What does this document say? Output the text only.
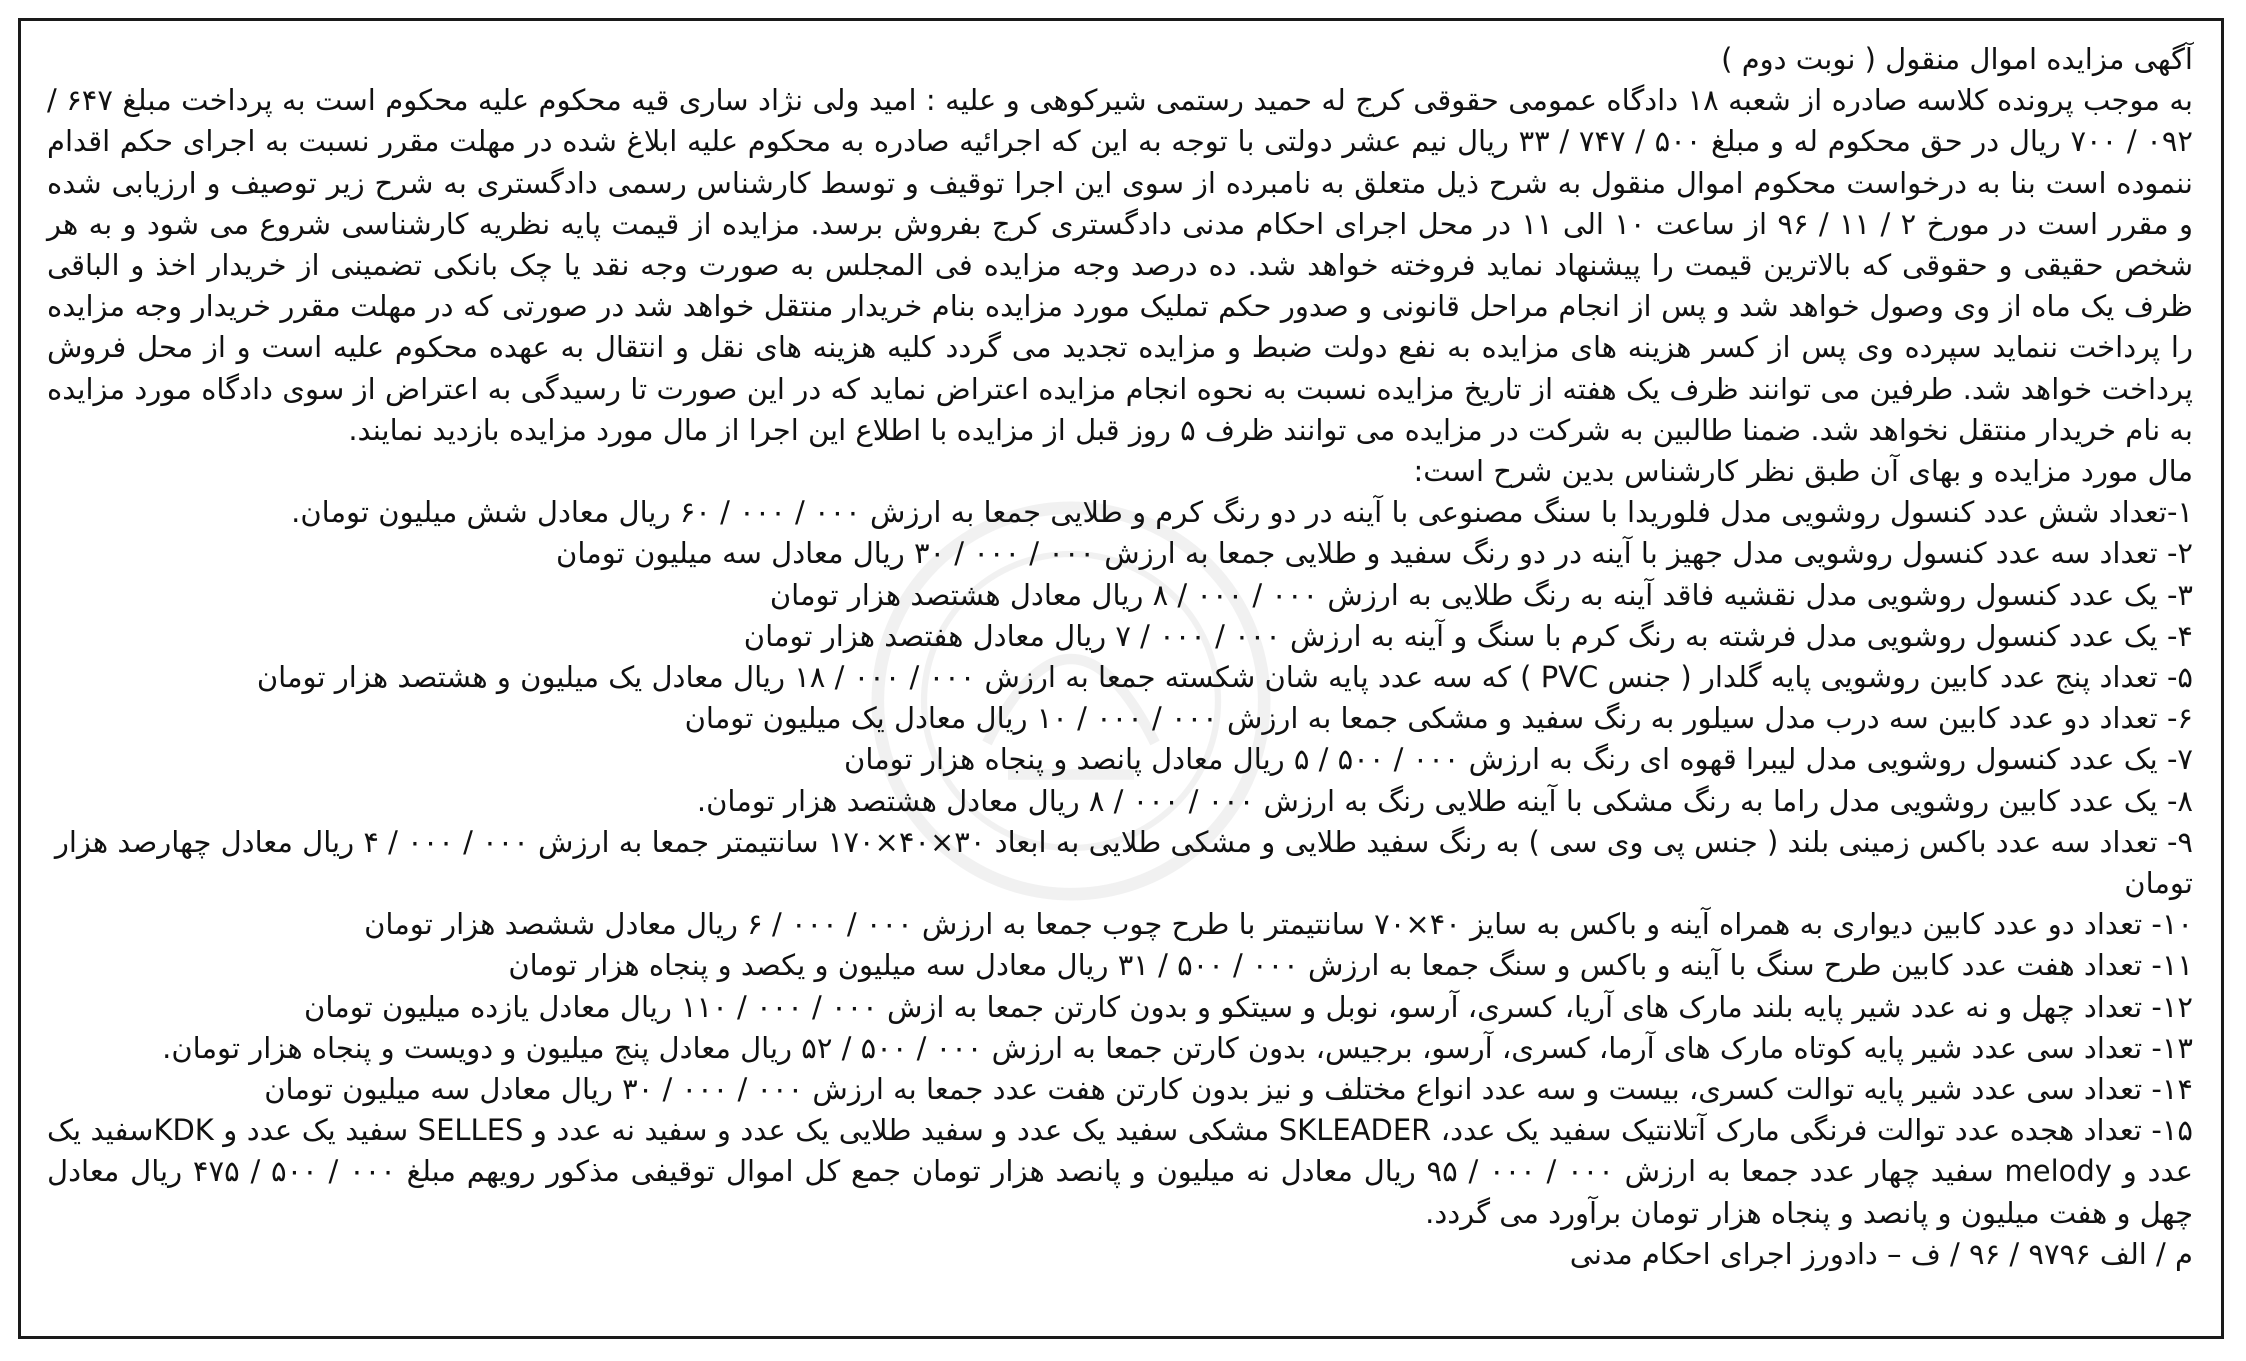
آگهی مزایده اموال منقول ( نوبت دوم )

به موجب پرونده کلاسه صادره از شعبه ۱۸ دادگاه عمومی حقوقی کرج له حمید رستمی شیرکوهی و علیه : امید ولی نژاد ساری قیه محکوم علیه محکوم است به پرداخت مبلغ ۶۴۷ / ۰۹۲ / ۷۰۰ ریال در حق محکوم له و مبلغ ۵۰۰ / ۷۴۷ / ۳۳ ریال نیم عشر دولتی با توجه به این که اجرائیه صادره به محکوم علیه ابلاغ شده در مهلت مقرر نسبت به اجرای حکم اقدام ننموده است بنا به درخواست محکوم اموال منقول به شرح ذیل متعلق به نامبرده از سوی این اجرا توقیف و توسط کارشناس رسمی دادگستری به شرح زیر توصیف و ارزیابی شده و مقرر است در مورخ ۲ / ۱۱ / ۹۶ از ساعت ۱۰ الی ۱۱ در محل اجرای احکام مدنی دادگستری کرج بفروش برسد. مزایده از قیمت پایه نظریه کارشناسی شروع می شود و به هر شخص حقیقی و حقوقی که بالاترین قیمت را پیشنهاد نماید فروخته خواهد شد. ده درصد وجه مزایده فی المجلس به صورت وجه نقد یا چک بانکی تضمینی از خریدار اخذ و الباقی ظرف یک ماه از وی وصول خواهد شد و پس از انجام مراحل قانونی و صدور حکم تملیک مورد مزایده بنام خریدار منتقل خواهد شد در صورتی که در مهلت مقرر خریدار وجه مزایده را پرداخت ننماید سپرده وی پس از کسر هزینه های مزایده به نفع دولت ضبط و مزایده تجدید می گردد کلیه هزینه های نقل و انتقال به عهده محکوم علیه است و از محل فروش پرداخت خواهد شد. طرفین می توانند ظرف یک هفته از تاریخ مزایده نسبت به نحوه انجام مزایده اعتراض نماید که در این صورت تا رسیدگی به اعتراض از سوی دادگاه مورد مزایده به نام خریدار منتقل نخواهد شد. ضمنا طالبین به شرکت در مزایده می توانند ظرف ۵ روز قبل از مزایده با اطلاع این اجرا از مال مورد مزایده بازدید نمایند.

مال مورد مزایده و بهای آن طبق نظر کارشناس بدین شرح است:

۱-تعداد شش عدد کنسول روشویی مدل فلوریدا با سنگ مصنوعی با آینه در دو رنگ کرم و طلایی جمعا به ارزش ۰۰۰ / ۰۰۰ / ۶۰ ریال معادل شش میلیون تومان.

۲- تعداد سه عدد کنسول روشویی مدل جهیز با آینه در دو رنگ سفید و طلایی جمعا به ارزش ۰۰۰ / ۰۰۰ / ۳۰ ریال معادل سه میلیون تومان

۳- یک عدد کنسول روشویی مدل نقشیه فاقد آینه به رنگ طلایی به ارزش ۰۰۰ / ۰۰۰ / ۸ ریال معادل هشتصد هزار تومان

۴- یک عدد کنسول روشویی مدل فرشته به رنگ کرم با سنگ و آینه به ارزش ۰۰۰ / ۰۰۰ / ۷ ریال معادل هفتصد هزار تومان

۵- تعداد پنج عدد کابین روشویی پایه گلدار ( جنس PVC ) که سه عدد پایه شان شکسته جمعا به ارزش ۰۰۰ / ۰۰۰ / ۱۸ ریال معادل یک میلیون و هشتصد هزار تومان

۶- تعداد دو عدد کابین سه درب مدل سیلور به رنگ سفید و مشکی جمعا به ارزش ۰۰۰ / ۰۰۰ / ۱۰ ریال معادل یک میلیون تومان

۷- یک عدد کنسول روشویی مدل لیبرا قهوه ای رنگ به ارزش ۰۰۰ / ۵۰۰ / ۵ ریال معادل پانصد و پنجاه هزار تومان

۸- یک عدد کابین روشویی مدل راما به رنگ مشکی با آینه طلایی رنگ به ارزش ۰۰۰ / ۰۰۰ / ۸ ریال معادل هشتصد هزار تومان.

۹- تعداد سه عدد باکس زمینی بلند ( جنس پی وی سی ) به رنگ سفید طلایی و مشکی طلایی به ابعاد ۳۰×۴۰×۱۷۰ سانتیمتر جمعا به ارزش ۰۰۰ / ۰۰۰ / ۴ ریال معادل چهارصد هزار تومان

۱۰- تعداد دو عدد کابین دیواری به همراه آینه و باکس به سایز ۴۰×۷۰ سانتیمتر با طرح چوب جمعا به ارزش ۰۰۰ / ۰۰۰ / ۶ ریال معادل ششصد هزار تومان

۱۱- تعداد هفت عدد کابین طرح سنگ با آینه و باکس و سنگ جمعا به ارزش ۰۰۰ / ۵۰۰ / ۳۱ ریال معادل سه میلیون و یکصد و پنجاه هزار تومان

۱۲- تعداد چهل و نه عدد شیر پایه بلند مارک های آریا، کسری، آرسو، نوبل و سیتکو و بدون کارتن جمعا به ازش ۰۰۰ / ۰۰۰ / ۱۱۰ ریال معادل یازده میلیون تومان

۱۳- تعداد سی عدد شیر پایه کوتاه مارک های آرما، کسری، آرسو، برجیس، بدون کارتن جمعا به ارزش ۰۰۰ / ۵۰۰ / ۵۲ ریال معادل پنج میلیون و دویست و پنجاه هزار تومان.

۱۴- تعداد سی عدد شیر پایه توالت کسری، بیست و سه عدد انواع مختلف و نیز بدون کارتن هفت عدد جمعا به ارزش ۰۰۰ / ۰۰۰ / ۳۰ ریال معادل سه میلیون تومان

۱۵- تعداد هجده عدد توالت فرنگی مارک آتلانتیک سفید یک عدد، SKLEADER مشکی سفید یک عدد و سفید طلایی یک عدد و سفید نه عدد و SELLES سفید یک عدد و KDKسفید یک عدد و melody سفید چهار عدد جمعا به ارزش ۰۰۰ / ۰۰۰ / ۹۵ ریال معادل نه میلیون و پانصد هزار تومان جمع کل اموال توقیفی مذکور رویهم مبلغ ۰۰۰ / ۵۰۰ / ۴۷۵ ریال معادل چهل و هفت میلیون و پانصد و پنجاه هزار تومان برآورد می گردد.

م / الف ۹۷۹۶ / ۹۶ / ف – دادورز اجرای احکام مدنی
